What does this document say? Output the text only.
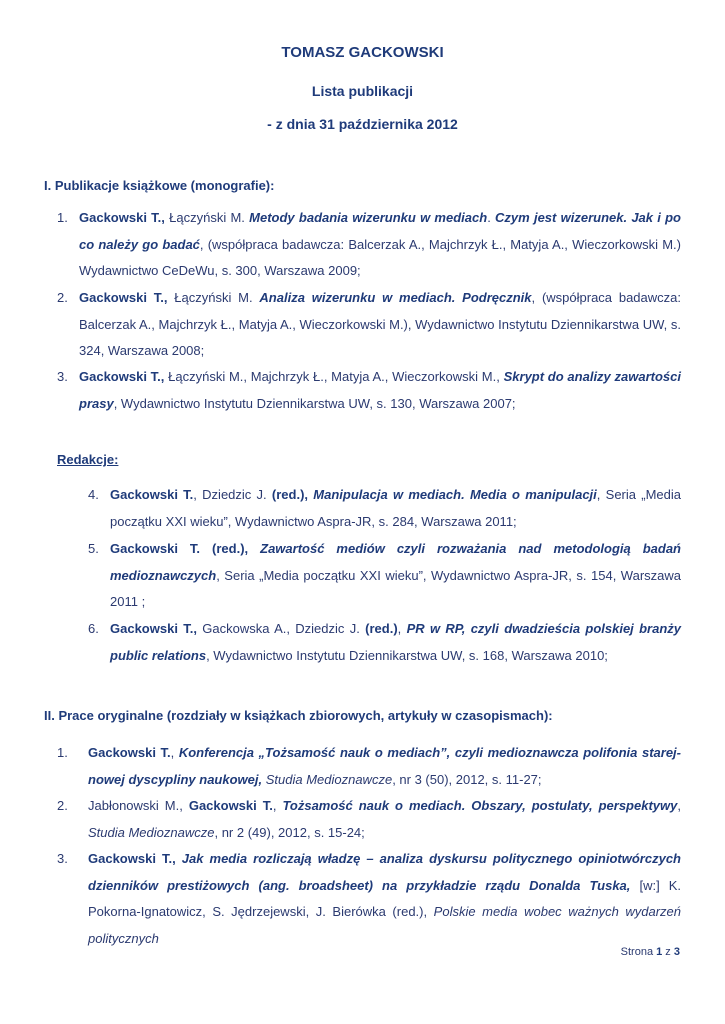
TOMASZ GACKOWSKI
Lista publikacji
- z dnia 31 października 2012
I. Publikacje książkowe (monografie):
1. Gackowski T., Łączyński M. Metody badania wizerunku w mediach. Czym jest wizerunek. Jak i po co należy go badać, (współpraca badawcza: Balcerzak A., Majchrzyk Ł., Matyja A., Wieczorkowski M.) Wydawnictwo CeDeWu, s. 300, Warszawa 2009;
2. Gackowski T., Łączyński M. Analiza wizerunku w mediach. Podręcznik, (współpraca badawcza: Balcerzak A., Majchrzyk Ł., Matyja A., Wieczorkowski M.), Wydawnictwo Instytutu Dziennikarstwa UW, s. 324, Warszawa 2008;
3. Gackowski T., Łączyński M., Majchrzyk Ł., Matyja A., Wieczorkowski M., Skrypt do analizy zawartości prasy, Wydawnictwo Instytutu Dziennikarstwa UW, s. 130, Warszawa 2007;
Redakcje:
4. Gackowski T., Dziedzic J. (red.), Manipulacja w mediach. Media o manipulacji, Seria „Media początku XXI wieku”, Wydawnictwo Aspra-JR, s. 284, Warszawa 2011;
5. Gackowski T. (red.), Zawartość mediów czyli rozważania nad metodologią badań medioznawczych, Seria „Media początku XXI wieku”, Wydawnictwo Aspra-JR, s. 154, Warszawa 2011 ;
6. Gackowski T., Gackowska A., Dziedzic J. (red.), PR w RP, czyli dwadzieścia polskiej branży public relations, Wydawnictwo Instytutu Dziennikarstwa UW, s. 168, Warszawa 2010;
II. Prace oryginalne (rozdziały w książkach zbiorowych, artykuły w czasopismach):
1. Gackowski T., Konferencja „Tożsamość nauk o mediach”, czyli medioznawcza polifonia starej-nowej dyscypliny naukowej, Studia Medioznawcze, nr 3 (50), 2012, s. 11-27;
2. Jabłonowski M., Gackowski T., Tożsamość nauk o mediach. Obszary, postulaty, perspektywy, Studia Medioznawcze, nr 2 (49), 2012, s. 15-24;
3. Gackowski T., Jak media rozliczają władzę – analiza dyskursu politycznego opiniotwórczych dzienników prestiżowych (ang. broadsheet) na przykładzie rządu Donalda Tuska, [w:] K. Pokorna-Ignatowicz, S. Jędrzejewski, J. Bierówka (red.), Polskie media wobec ważnych wydarzeń politycznych
Strona 1 z 3
